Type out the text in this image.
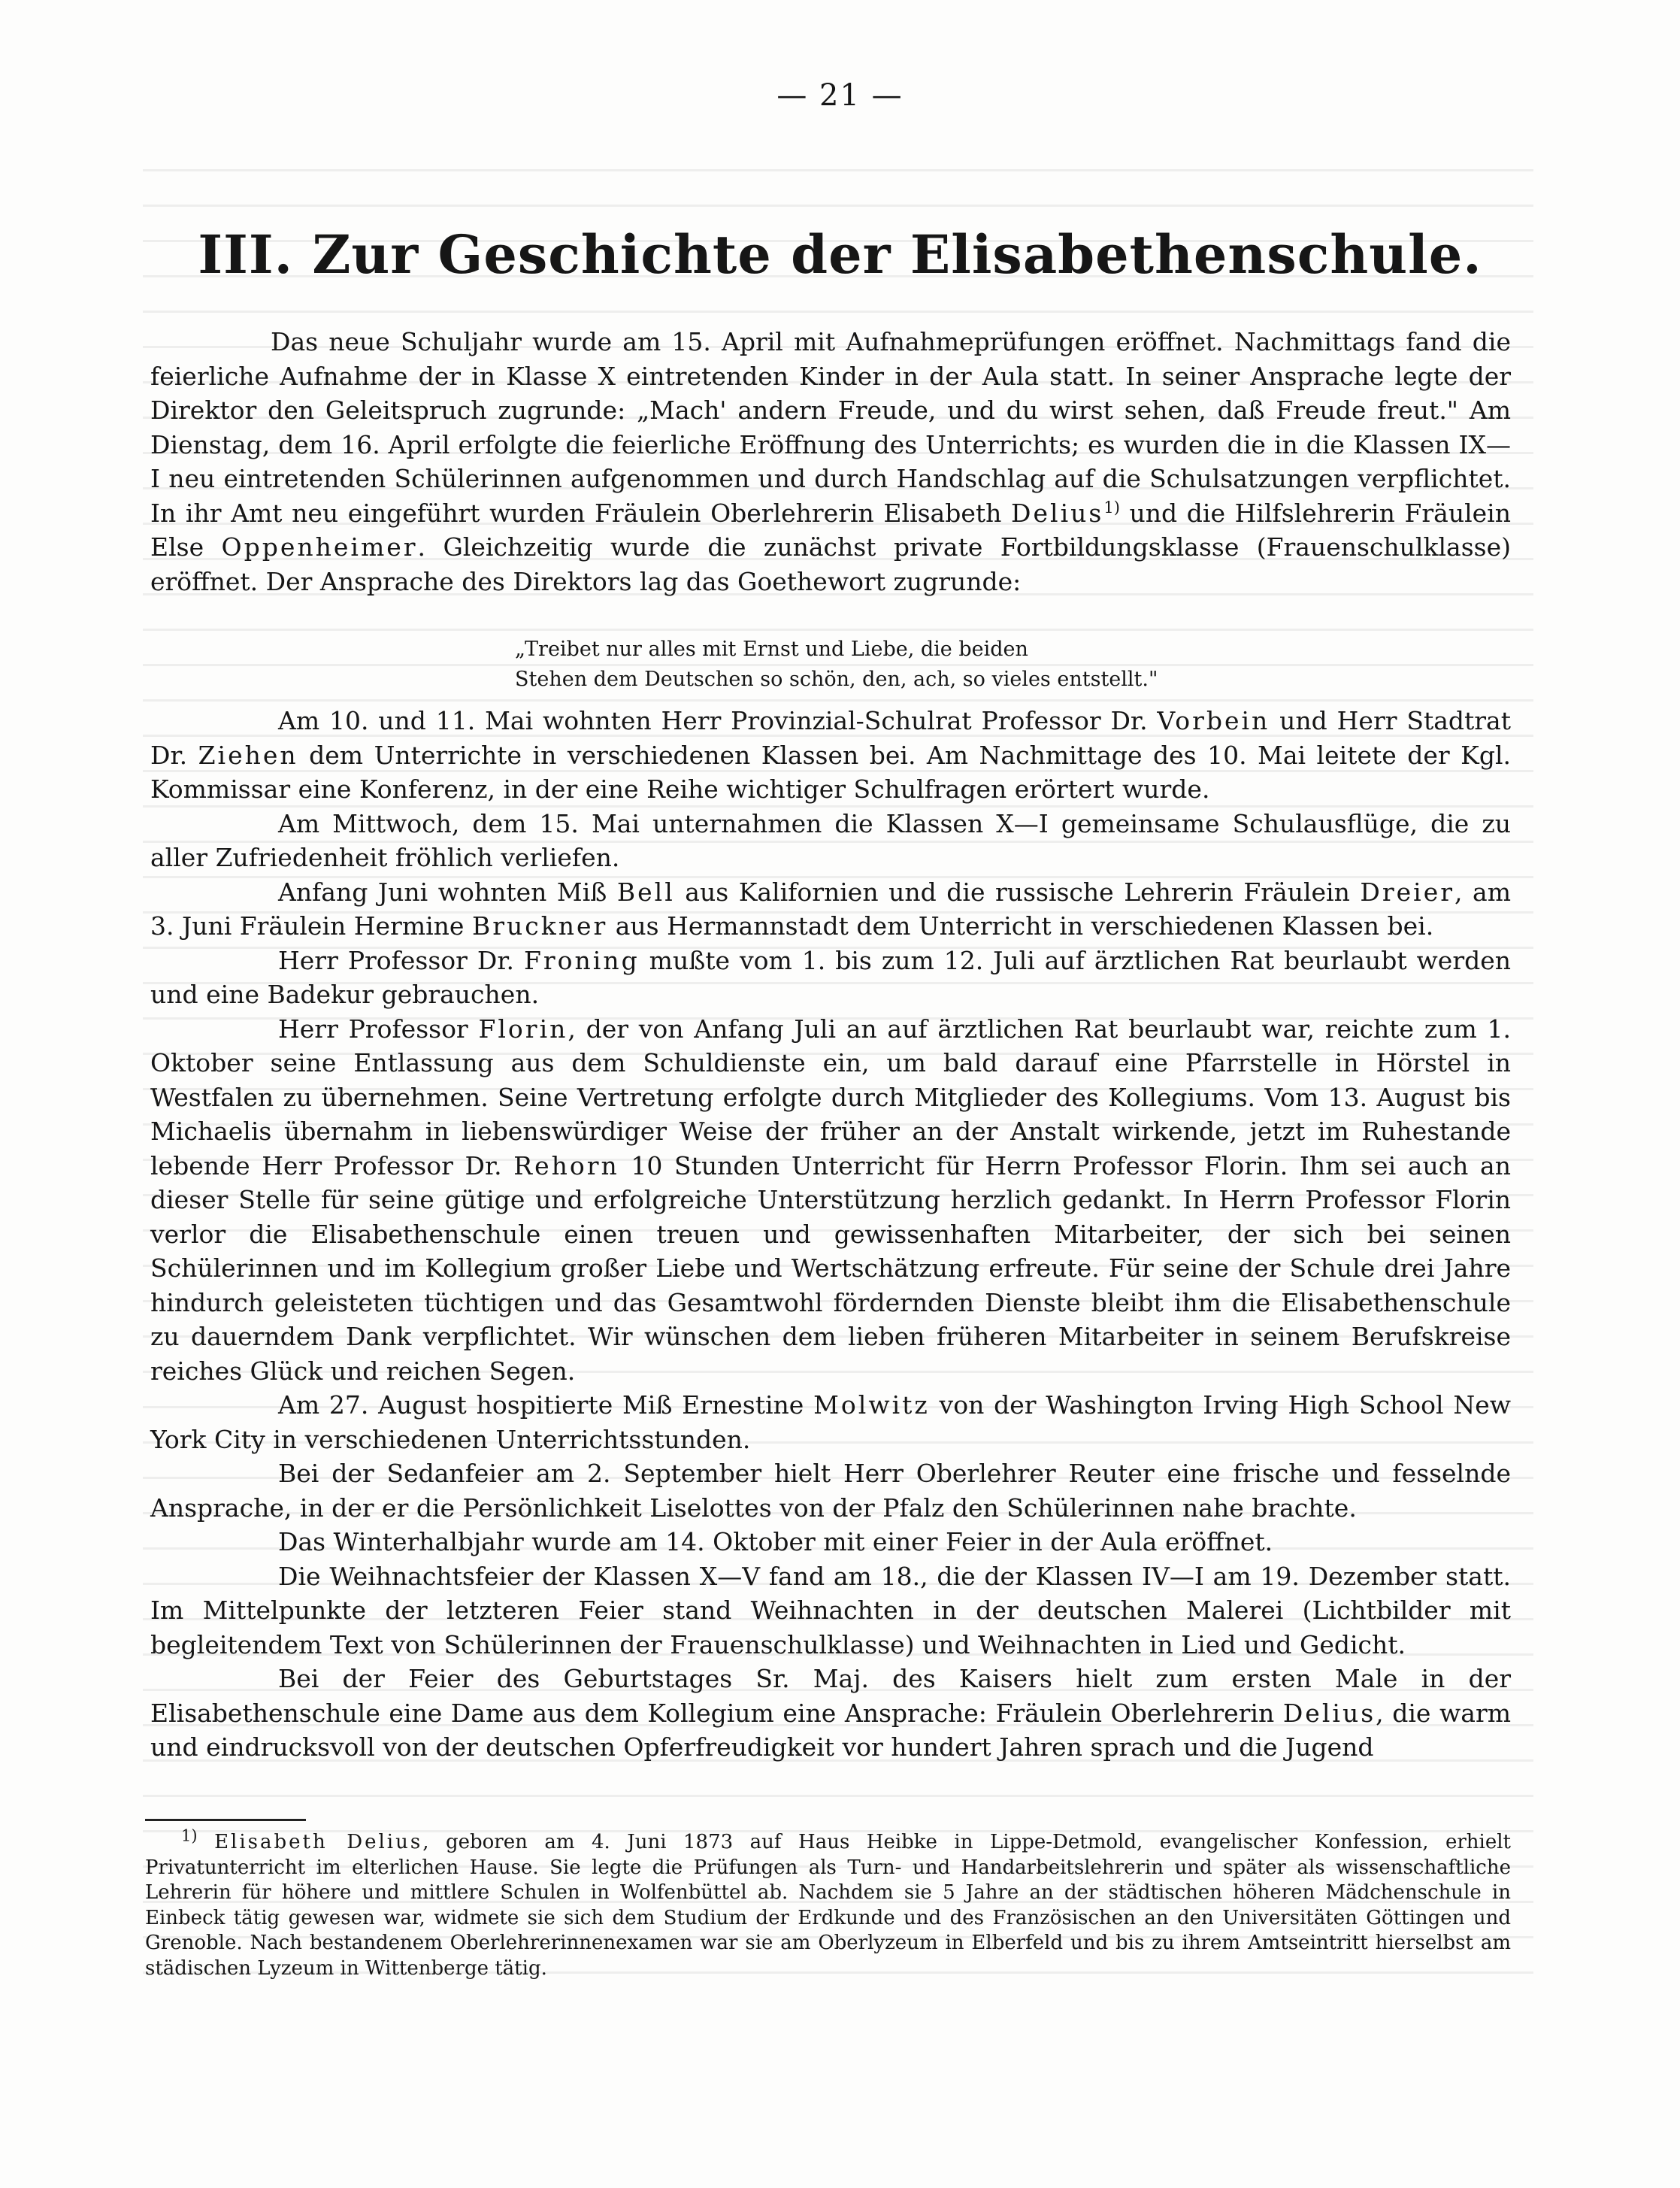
— 21 —
III. Zur Geschichte der Elisabethenschule.

Das neue Schuljahr wurde am 15. April mit Aufnahmeprüfungen eröffnet. Nachmittags fand die feierliche Aufnahme der in Klasse X eintretenden Kinder in der Aula statt. In seiner Ansprache legte der Direktor den Geleitspruch zugrunde: „Mach' andern Freude, und du wirst sehen, daß Freude freut." Am Dienstag, dem 16. April erfolgte die feierliche Eröffnung des Unterrichts; es wurden die in die Klassen IX—I neu eintretenden Schülerinnen aufgenommen und durch Handschlag auf die Schulsatzungen verpflichtet. In ihr Amt neu eingeführt wurden Fräulein Oberlehrerin Elisabeth Delius$^{1)}$ und die Hilfslehrerin Fräulein Else Oppenheimer. Gleichzeitig wurde die zunächst private Fortbildungsklasse (Frauenschulklasse) eröffnet. Der Ansprache des Direktors lag das Goethewort zugrunde:

„Treibet nur alles mit Ernst und Liebe, die beiden

Stehen dem Deutschen so schön, den, ach, so vieles entstellt."

Am 10. und 11. Mai wohnten Herr Provinzial-Schulrat Professor Dr. Vorbein und Herr Stadtrat Dr. Ziehen dem Unterrichte in verschiedenen Klassen bei. Am Nachmittage des 10. Mai leitete der Kgl. Kommissar eine Konferenz, in der eine Reihe wichtiger Schulfragen erörtert wurde.

Am Mittwoch, dem 15. Mai unternahmen die Klassen X—I gemeinsame Schulausflüge, die zu aller Zufriedenheit fröhlich verliefen.

Anfang Juni wohnten Miß Bell aus Kalifornien und die russische Lehrerin Fräulein Dreier, am 3. Juni Fräulein Hermine Bruckner aus Hermannstadt dem Unterricht in verschiedenen Klassen bei.

Herr Professor Dr. Froning mußte vom 1. bis zum 12. Juli auf ärztlichen Rat beurlaubt werden und eine Badekur gebrauchen.

Herr Professor Florin, der von Anfang Juli an auf ärztlichen Rat beurlaubt war, reichte zum 1. Oktober seine Entlassung aus dem Schuldienste ein, um bald darauf eine Pfarrstelle in Hörstel in Westfalen zu übernehmen. Seine Vertretung erfolgte durch Mitglieder des Kollegiums. Vom 13. August bis Michaelis übernahm in liebenswürdiger Weise der früher an der Anstalt wirkende, jetzt im Ruhestande lebende Herr Professor Dr. Rehorn 10 Stunden Unterricht für Herrn Professor Florin. Ihm sei auch an dieser Stelle für seine gütige und erfolgreiche Unterstützung herzlich gedankt. In Herrn Professor Florin verlor die Elisabethenschule einen treuen und gewissenhaften Mitarbeiter, der sich bei seinen Schülerinnen und im Kollegium großer Liebe und Wertschätzung erfreute. Für seine der Schule drei Jahre hindurch geleisteten tüchtigen und das Gesamtwohl fördernden Dienste bleibt ihm die Elisabethenschule zu dauerndem Dank verpflichtet. Wir wünschen dem lieben früheren Mitarbeiter in seinem Berufskreise reiches Glück und reichen Segen.

Am 27. August hospitierte Miß Ernestine Molwitz von der Washington Irving High School New York City in verschiedenen Unterrichtsstunden.

Bei der Sedanfeier am 2. September hielt Herr Oberlehrer Reuter eine frische und fesselnde Ansprache, in der er die Persönlichkeit Liselottes von der Pfalz den Schülerinnen nahe brachte.

Das Winterhalbjahr wurde am 14. Oktober mit einer Feier in der Aula eröffnet.

Die Weihnachtsfeier der Klassen X—V fand am 18., die der Klassen IV—I am 19. Dezember statt. Im Mittelpunkte der letzteren Feier stand Weihnachten in der deutschen Malerei (Lichtbilder mit begleitendem Text von Schülerinnen der Frauenschulklasse) und Weihnachten in Lied und Gedicht.

Bei der Feier des Geburtstages Sr. Maj. des Kaisers hielt zum ersten Male in der Elisabethenschule eine Dame aus dem Kollegium eine Ansprache: Fräulein Oberlehrerin Delius, die warm und eindrucksvoll von der deutschen Opferfreudigkeit vor hundert Jahren sprach und die Jugend

$^{1)}$ Elisabeth Delius, geboren am 4. Juni 1873 auf Haus Heibke in Lippe-Detmold, evangelischer Konfession, erhielt Privatunterricht im elterlichen Hause. Sie legte die Prüfungen als Turn- und Handarbeitslehrerin und später als wissenschaftliche Lehrerin für höhere und mittlere Schulen in Wolfenbüttel ab. Nachdem sie 5 Jahre an der städtischen höheren Mädchenschule in Einbeck tätig gewesen war, widmete sie sich dem Studium der Erdkunde und des Französischen an den Universitäten Göttingen und Grenoble. Nach bestandenem Oberlehrerinnenexamen war sie am Oberlyzeum in Elberfeld und bis zu ihrem Amtseintritt hierselbst am städischen Lyzeum in Wittenberge tätig.
